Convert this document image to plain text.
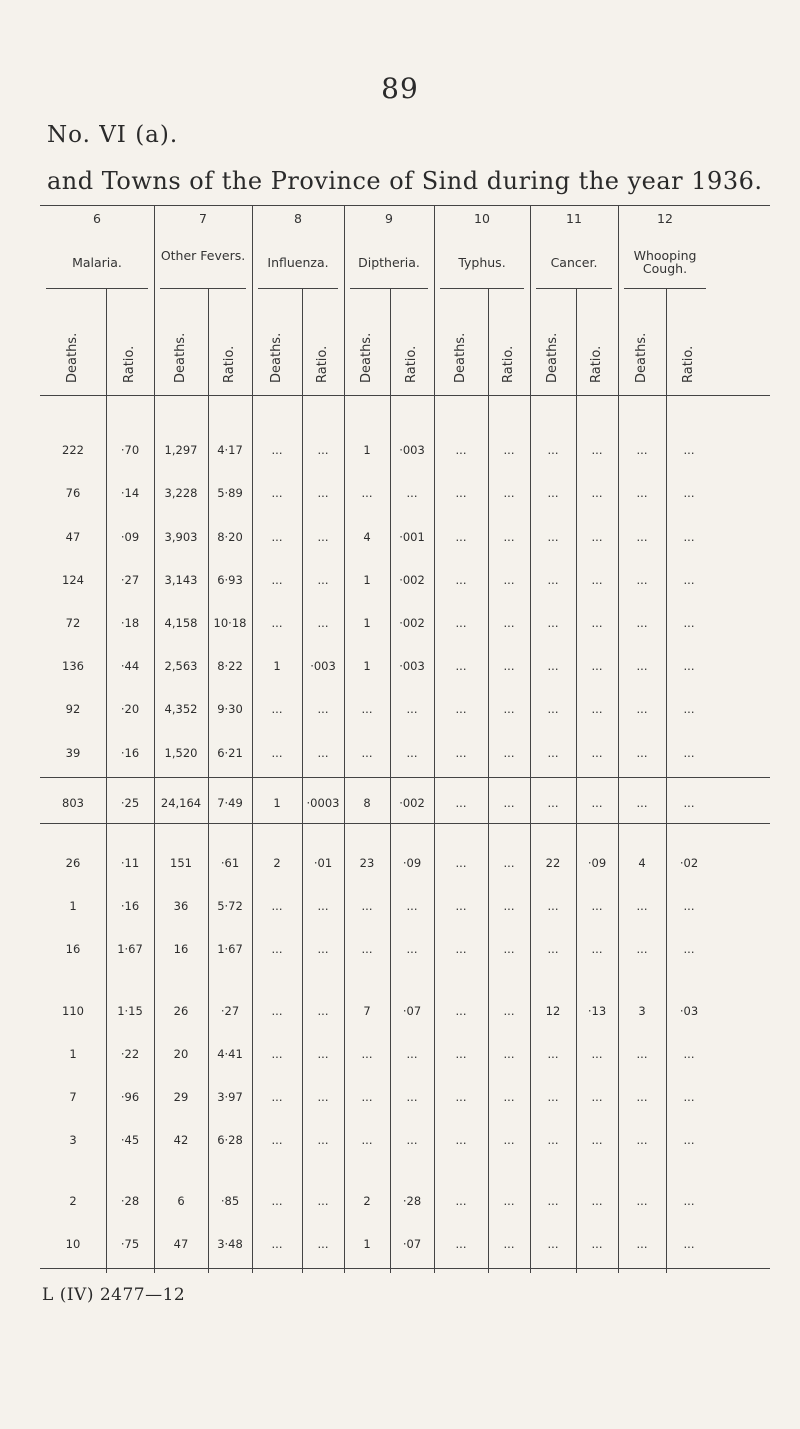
89
No. VI (a).
and Towns of the Province of Sind during the year 1936.
6
Malaria.
7
Other Fevers.
8
Influenza.
9
Diptheria.
10
Typhus.
11
Cancer.
12
Whooping Cough.
Deaths.	Ratio.	Deaths.	Ratio. Deaths. Ratio. Deaths. Ratio.	Deaths.	Ratio. Deaths. Ratio. Deaths. Ratio.
222	·70	1,297	4·17	...	...	1	·003	...	...	...	...	...	...
76	·14	3,228	5·89	...	...	...	...	...	...	...	...	...	...
47	·09	3,903	8·20	...	...	4	·001	...	...	...	...	...	...
124	·27	3,143	6·93	...	...	1	·002	...	...	...	...	...	...
72	·18	4,158	10·18	...	...	1	·002	...	...	...	...	...	...
136	·44	2,563	8·22	1	·003	1	·003	...	...	...	...	...	...
92	·20	4,352	9·30	...	...	...	...	...	...	...	...	...	...
39	·16	1,520	6·21	...	...	...	...	...	...	...	...	...	...
803	·25	24,164	7·49	1	·0003	8	·002	...	...	...	...	...	...
26	·11	151	·61	2	·01	23	·09	...	...	22	·09	4	·02
1	·16	36	5·72	...	...	...	...	...	...	...	...	...	...
16	1·67	16	1·67	...	...	...	...	...	...	...	...	...	...
110	1·15	26	·27	...	...	7	·07	...	...	12	·13	3	·03
1	·22	20	4·41	...	...	...	...	...	...	...	...	...	...
7	·96	29	3·97	...	...	...	...	...	...	...	...	...	...
3	·45	42	6·28	...	...	...	...	...	...	...	...	...	...
2	·28	6	·85	...	...	2	·28	...	...	...	...	...	...
10	·75	47	3·48	...	...	1	·07	...	...	...	...	...	...
L (IV) 2477—12
